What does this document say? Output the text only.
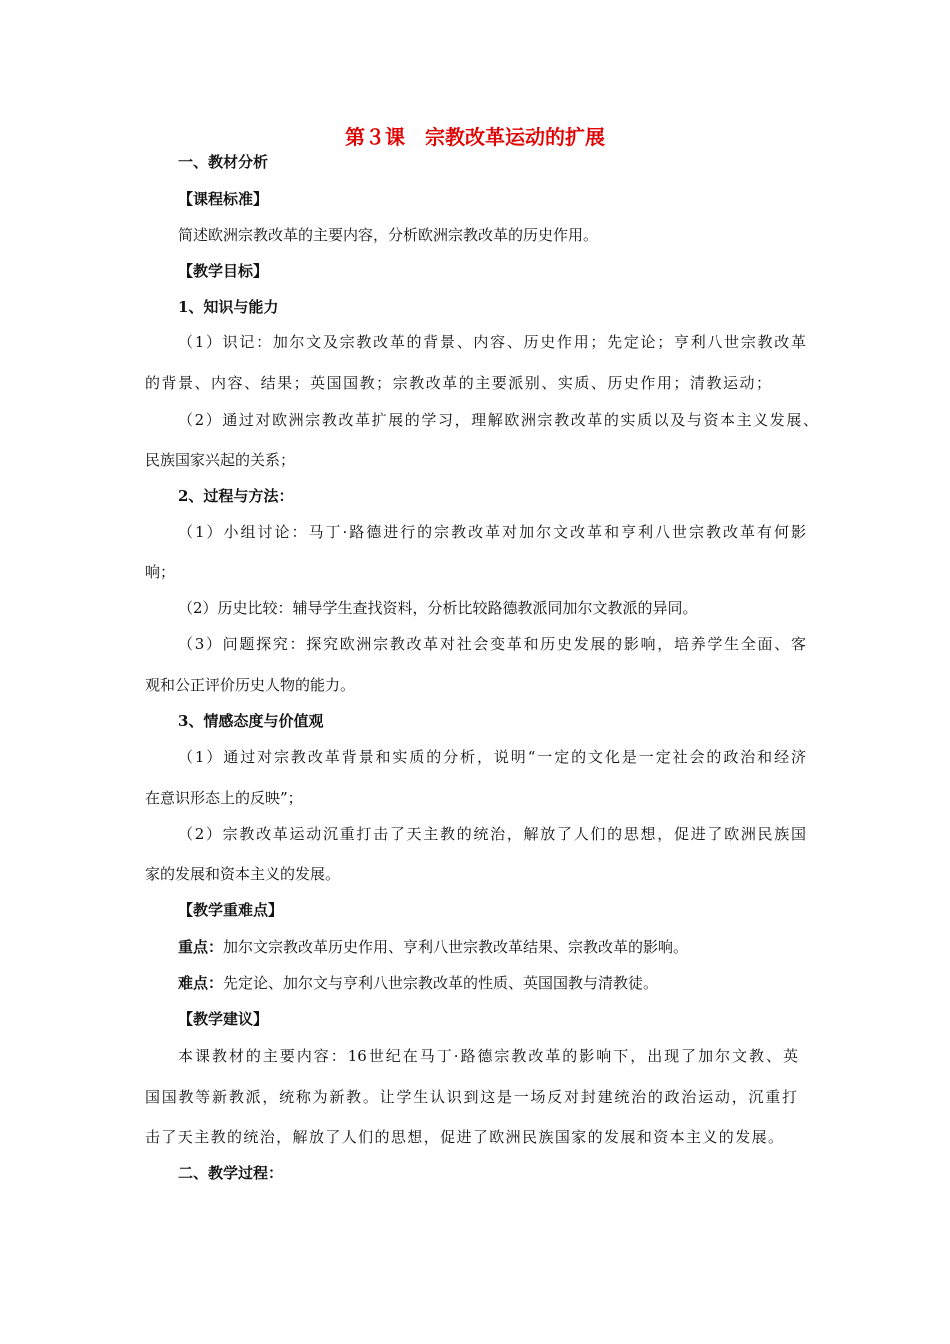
第３课　宗教改革运动的扩展
一、教材分析
【课程标准】
简述欧洲宗教改革的主要内容，分析欧洲宗教改革的历史作用。
【教学目标】
1、知识与能力
（1）识记：加尔文及宗教改革的背景、内容、历史作用；先定论；亨利八世宗教改革
的背景、内容、结果；英国国教；宗教改革的主要派别、实质、历史作用；清教运动；
（2）通过对欧洲宗教改革扩展的学习，理解欧洲宗教改革的实质以及与资本主义发展、
民族国家兴起的关系；
2、过程与方法：
（1）小组讨论：马丁·路德进行的宗教改革对加尔文改革和亨利八世宗教改革有何影
响；
（2）历史比较：辅导学生查找资料，分析比较路德教派同加尔文教派的异同。
（3）问题探究：探究欧洲宗教改革对社会变革和历史发展的影响，培养学生全面、客
观和公正评价历史人物的能力。
3、情感态度与价值观
（1）通过对宗教改革背景和实质的分析，说明“一定的文化是一定社会的政治和经济
在意识形态上的反映”；
（2）宗教改革运动沉重打击了天主教的统治，解放了人们的思想，促进了欧洲民族国
家的发展和资本主义的发展。
【教学重难点】
重点：加尔文宗教改革历史作用、亨利八世宗教改革结果、宗教改革的影响。
难点：先定论、加尔文与亨利八世宗教改革的性质、英国国教与清教徒。
【教学建议】
本课教材的主要内容：16世纪在马丁·路德宗教改革的影响下，出现了加尔文教、英
国国教等新教派，统称为新教。让学生认识到这是一场反对封建统治的政治运动，沉重打
击了天主教的统治，解放了人们的思想，促进了欧洲民族国家的发展和资本主义的发展。
二、教学过程：
